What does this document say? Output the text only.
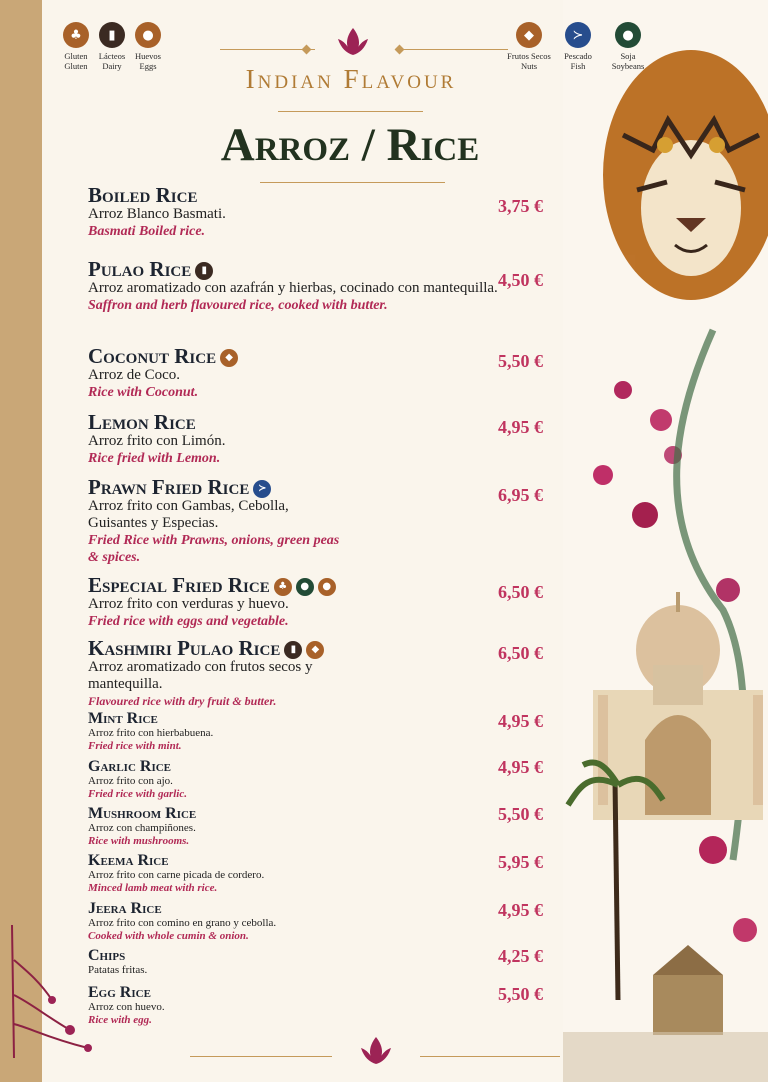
♣
Gluten
Gluten
▮
Lácteos
Dairy
●
Huevos
Eggs
◆
Frutos Secos
Nuts
≻
Pescado
Fish
●
Soja
Soybeans
Indian Flavour
Arroz / Rice
Boiled Rice
Arroz Blanco Basmati.
Basmati Boiled rice.
3,75 €
Pulao Rice ▮
Arroz aromatizado con azafrán y hierbas, cocinado con mantequilla.
Saffron and herb flavoured rice, cooked with butter.
4,50 €
Coconut Rice ◆
Arroz de Coco.
Rice with Coconut.
5,50 €
Lemon Rice
Arroz frito con Limón.
Rice fried with Lemon.
4,95 €
Prawn Fried Rice ≻
Arroz frito con Gambas, Cebolla, Guisantes y Especias.
Fried Rice with Prawns, onions, green peas & spices.
6,95 €
Especial Fried Rice ♣ ● ●
Arroz frito con verduras y huevo.
Fried rice with eggs and vegetable.
6,50 €
Kashmiri Pulao Rice ▮ ◆
Arroz aromatizado con frutos secos y mantequilla.
Flavoured rice with dry fruit & butter.
6,50 €
Mint Rice
Arroz frito con hierbabuena.
Fried rice with mint.
4,95 €
Garlic Rice
Arroz frito con ajo.
Fried rice with garlic.
4,95 €
Mushroom Rice
Arroz con champiñones.
Rice with mushrooms.
5,50 €
Keema Rice
Arroz frito con carne picada de cordero.
Minced lamb meat with rice.
5,95 €
Jeera Rice
Arroz frito con comino en grano y cebolla.
Cooked with whole cumin & onion.
4,95 €
Chips
Patatas fritas.
4,25 €
Egg Rice
Arroz con huevo.
Rice with egg.
5,50 €
